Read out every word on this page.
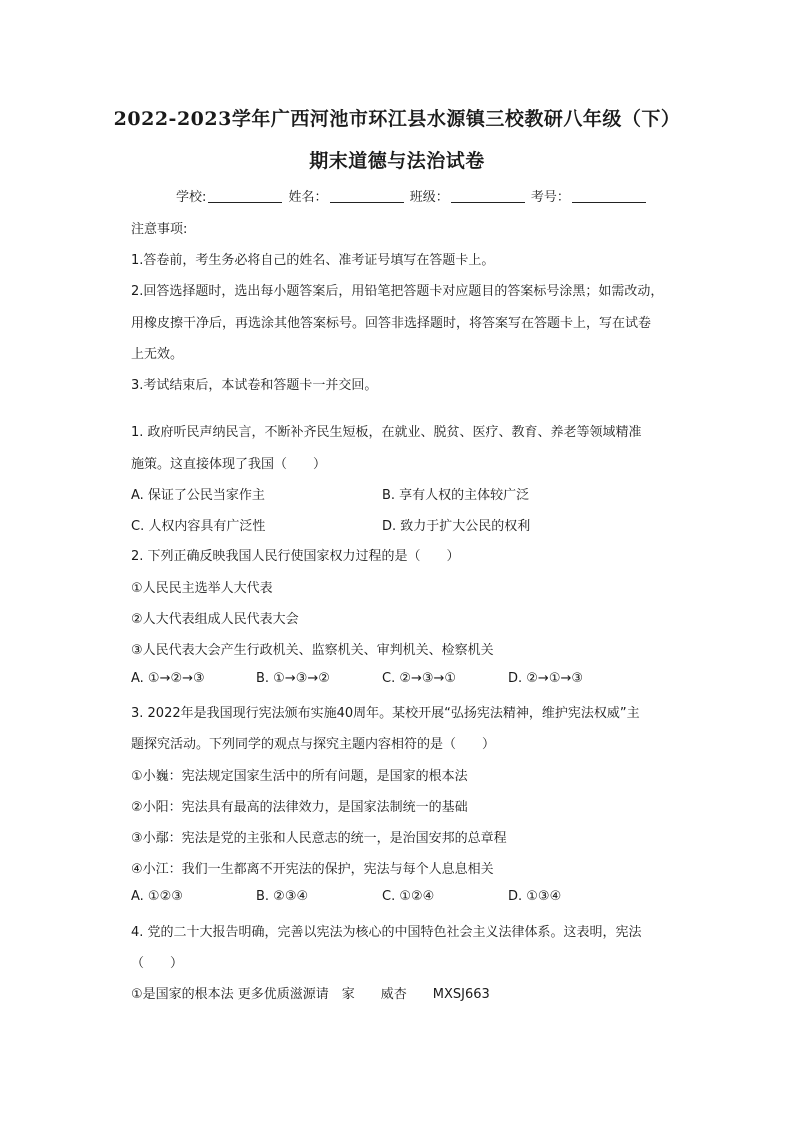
2022-2023学年广西河池市环江县水源镇三校教研八年级（下）
期末道德与法治试卷
学校:	姓名：	班级：	考号：
注意事项:
1.答卷前，考生务必将自己的姓名、准考证号填写在答题卡上。
2.回答选择题时，选出每小题答案后，用铅笔把答题卡对应题目的答案标号涂黑；如需改动，
用橡皮擦干净后，再选涂其他答案标号。回答非选择题时，将答案写在答题卡上，写在试卷
上无效。
3.考试结束后，本试卷和答题卡一并交回。
1. 政府听民声纳民言，不断补齐民生短板，在就业、脱贫、医疗、教育、养老等领域精准
施策。这直接体现了我国（　　）
A. 保证了公民当家作主	B. 享有人权的主体较广泛
C. 人权内容具有广泛性	D. 致力于扩大公民的权利
2. 下列正确反映我国人民行使国家权力过程的是（　　）
①人民民主选举人大代表
②人大代表组成人民代表大会
③人民代表大会产生行政机关、监察机关、审判机关、检察机关
A. ①→②→③	B. ①→③→②	C. ②→③→①	D. ②→①→③
3. 2022年是我国现行宪法颁布实施40周年。某校开展“弘扬宪法精神，维护宪法权威”主
题探究活动。下列同学的观点与探究主题内容相符的是（　　）
①小巍：宪法规定国家生活中的所有问题，是国家的根本法
②小阳：宪法具有最高的法律效力，是国家法制统一的基础
③小鄢：宪法是党的主张和人民意志的统一，是治国安邦的总章程
④小江：我们一生都离不开宪法的保护，宪法与每个人息息相关
A. ①②③	B. ②③④	C. ①②④	D. ①③④
4. 党的二十大报告明确，完善以宪法为核心的中国特色社会主义法律体系。这表明，宪法
（　　）
①是国家的根本法 更多优质滋源请　家　　威杏　　MXSJ663
